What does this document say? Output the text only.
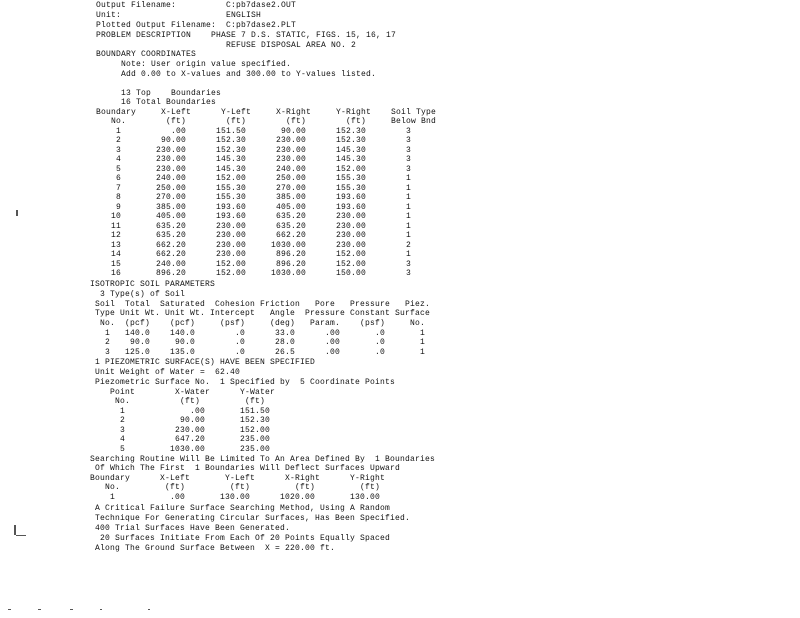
Output Filename:          C:pb7dase2.OUT
Unit:                     ENGLISH
Plotted Output Filename:  C:pb7dase2.PLT
PROBLEM DESCRIPTION    PHASE 7 D.S. STATIC, FIGS. 15, 16, 17
REFUSE DISPOSAL AREA NO. 2
BOUNDARY COORDINATES
Note: User origin value specified.
Add 0.00 to X-values and 300.00 to Y-values listed.
13 Top    Boundaries
16 Total Boundaries
Boundary     X-Left      Y-Left     X-Right     Y-Right    Soil Type
No.        (ft)        (ft)        (ft)        (ft)     Below Bnd
1          .00      151.50       90.00      152.30        3
2        90.00      152.30      230.00      152.30        3
3       230.00      152.30      230.00      145.30        3
4       230.00      145.30      230.00      145.30        3
5       230.00      145.30      240.00      152.00        3
6       240.00      152.00      250.00      155.30        1
7       250.00      155.30      270.00      155.30        1
8       270.00      155.30      385.00      193.60        1
9       385.00      193.60      405.00      193.60        1
10       405.00      193.60      635.20      230.00        1
11       635.20      230.00      635.20      230.00        1
12       635.20      230.00      662.20      230.00        1
13       662.20      230.00     1030.00      230.00        2
14       662.20      230.00      896.20      152.00        1
15       240.00      152.00      896.20      152.00        3
16       896.20      152.00     1030.00      150.00        3
ISOTROPIC SOIL PARAMETERS
3 Type(s) of Soil
Soil  Total  Saturated  Cohesion Friction   Pore   Pressure   Piez.
Type Unit Wt. Unit Wt. Intercept   Angle  Pressure Constant Surface
No.  (pcf)    (pcf)     (psf)     (deg)   Param.    (psf)     No.
1   140.0    140.0        .0      33.0      .00       .0       1
2    90.0     90.0        .0      28.0      .00       .0       1
3   125.0    135.0        .0      26.5      .00       .0       1
1 PIEZOMETRIC SURFACE(S) HAVE BEEN SPECIFIED
Unit Weight of Water =  62.40
Piezometric Surface No.  1 Specified by  5 Coordinate Points
Point        X-Water      Y-Water
No.          (ft)         (ft)
1             .00       151.50
2           90.00       152.30
3          230.00       152.00
4          647.20       235.00
5         1030.00       235.00
Searching Routine Will Be Limited To An Area Defined By  1 Boundaries
Of Which The First  1 Boundaries Will Deflect Surfaces Upward
Boundary      X-Left       Y-Left      X-Right      Y-Right
No.         (ft)         (ft)         (ft)         (ft)
1           .00       130.00      1020.00       130.00
A Critical Failure Surface Searching Method, Using A Random
Technique For Generating Circular Surfaces, Has Been Specified.
400 Trial Surfaces Have Been Generated.
20 Surfaces Initiate From Each Of 20 Points Equally Spaced
Along The Ground Surface Between  X = 220.00 ft.
